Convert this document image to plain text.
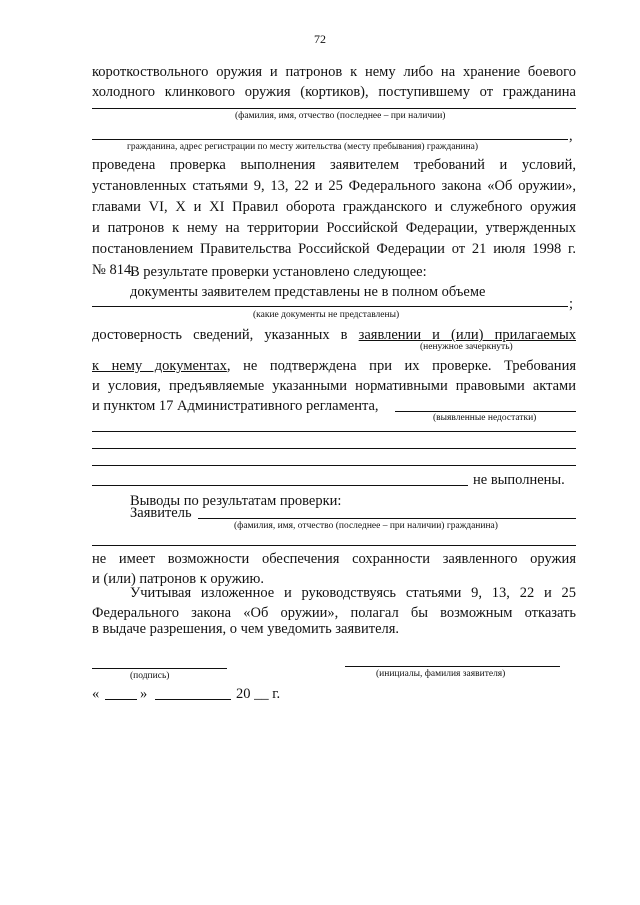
72
короткоствольного оружия и патронов к нему либо на хранение боевого
холодного клинкового оружия (кортиков), поступившему от гражданина
(фамилия, имя, отчество (последнее – при наличии)
,
гражданина, адрес регистрации по месту жительства (месту пребывания) гражданина)
проведена проверка выполнения заявителем требований и условий,
установленных статьями 9, 13, 22 и 25 Федерального закона «Об оружии»,
главами VI, X и XI Правил оборота гражданского и служебного оружия
и патронов к нему на территории Российской Федерации, утвержденных
постановлением Правительства Российской Федерации от 21 июля 1998 г.
№ 814.
В результате проверки установлено следующее:
документы заявителем представлены не в полном объеме
;
(какие документы не представлены)
достоверность сведений, указанных в заявлении и (или) прилагаемых
(ненужное зачеркнуть)
к нему документах, не подтверждена при их проверке. Требования
и условия, предъявляемые указанными нормативными правовыми актами
и пунктом 17 Административного регламента,
(выявленные недостатки)
не выполнены.
Выводы по результатам проверки:
Заявитель
(фамилия, имя, отчество (последнее – при наличии) гражданина)
не имеет возможности обеспечения сохранности заявленного оружия
и (или) патронов к оружию.
Учитывая изложенное и руководствуясь статьями 9, 13, 22 и 25
Федерального закона «Об оружии», полагал бы возможным отказать
в выдаче разрешения, о чем уведомить заявителя.
(подпись)	(инициалы, фамилия заявителя)
«	»	20 __ г.
